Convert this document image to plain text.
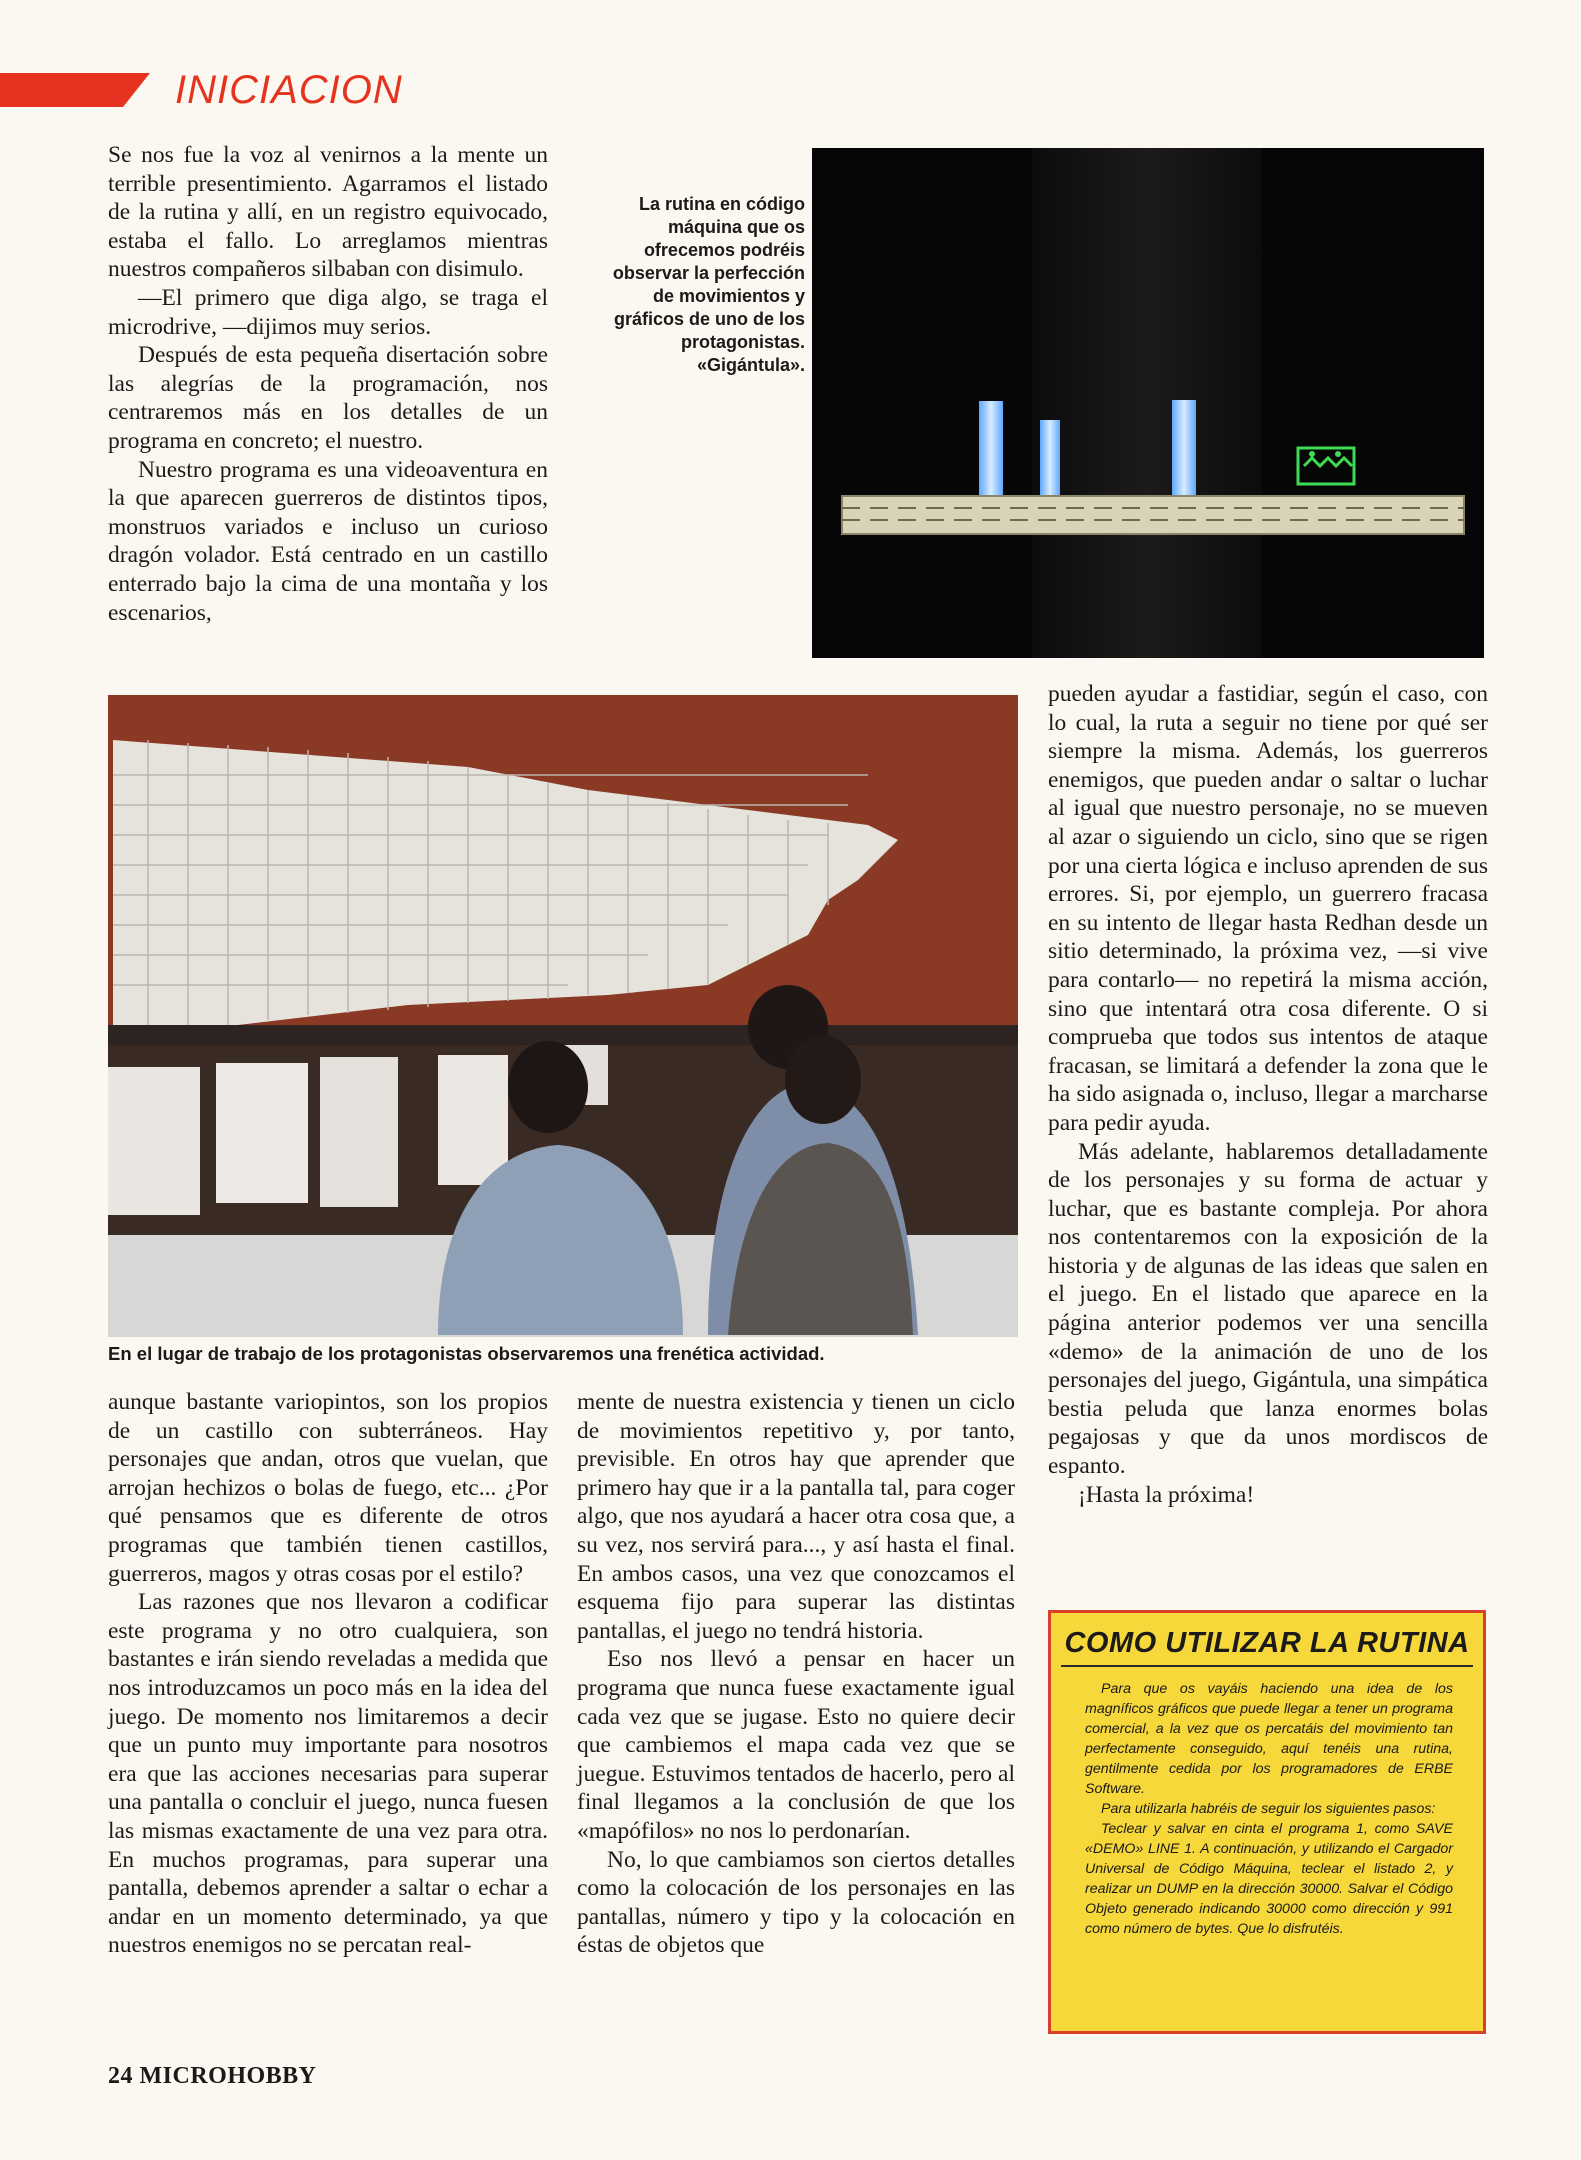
INICIACION

Se nos fue la voz al venirnos a la mente un terrible presentimiento. Agarramos el listado de la rutina y allí, en un registro equivocado, estaba el fallo. Lo arreglamos mientras nuestros compañeros silbaban con disimulo.

—El primero que diga algo, se traga el microdrive, —dijimos muy serios.

Después de esta pequeña disertación sobre las alegrías de la programación, nos centraremos más en los detalles de un programa en concreto; el nuestro.

Nuestro programa es una videoaventura en la que aparecen guerreros de distintos tipos, monstruos variados e incluso un curioso dragón volador. Está centrado en un castillo enterrado bajo la cima de una montaña y los escenarios,

La rutina en código máquina que os ofrecemos podréis observar la perfección de movimientos y gráficos de uno de los protagonistas. «Gigántula».
En el lugar de trabajo de los protagonistas observaremos una frenética actividad.

aunque bastante variopintos, son los propios de un castillo con subterráneos. Hay personajes que andan, otros que vuelan, que arrojan hechizos o bolas de fuego, etc... ¿Por qué pensamos que es diferente de otros programas que también tienen castillos, guerreros, magos y otras cosas por el estilo?

Las razones que nos llevaron a codificar este programa y no otro cualquiera, son bastantes e irán siendo reveladas a medida que nos introduzcamos un poco más en la idea del juego. De momento nos limitaremos a decir que un punto muy importante para nosotros era que las acciones necesarias para superar una pantalla o concluir el juego, nunca fuesen las mismas exactamente de una vez para otra. En muchos programas, para superar una pantalla, debemos aprender a saltar o echar a andar en un momento determinado, ya que nuestros enemigos no se percatan real-

mente de nuestra existencia y tienen un ciclo de movimientos repetitivo y, por tanto, previsible. En otros hay que aprender que primero hay que ir a la pantalla tal, para coger algo, que nos ayudará a hacer otra cosa que, a su vez, nos servirá para..., y así hasta el final. En ambos casos, una vez que conozcamos el esquema fijo para superar las distintas pantallas, el juego no tendrá historia.

Eso nos llevó a pensar en hacer un programa que nunca fuese exactamente igual cada vez que se jugase. Esto no quiere decir que cambiemos el mapa cada vez que se juegue. Estuvimos tentados de hacerlo, pero al final llegamos a la conclusión de que los «mapófilos» no nos lo perdonarían.

No, lo que cambiamos son ciertos detalles como la colocación de los personajes en las pantallas, número y tipo y la colocación en éstas de objetos que

pueden ayudar a fastidiar, según el caso, con lo cual, la ruta a seguir no tiene por qué ser siempre la misma. Además, los guerreros enemigos, que pueden andar o saltar o luchar al igual que nuestro personaje, no se mueven al azar o siguiendo un ciclo, sino que se rigen por una cierta lógica e incluso aprenden de sus errores. Si, por ejemplo, un guerrero fracasa en su intento de llegar hasta Redhan desde un sitio determinado, la próxima vez, —si vive para contarlo— no repetirá la misma acción, sino que intentará otra cosa diferente. O si comprueba que todos sus intentos de ataque fracasan, se limitará a defender la zona que le ha sido asignada o, incluso, llegar a marcharse para pedir ayuda.

Más adelante, hablaremos detalladamente de los personajes y su forma de actuar y luchar, que es bastante compleja. Por ahora nos contentaremos con la exposición de la historia y de algunas de las ideas que salen en el juego. En el listado que aparece en la página anterior podemos ver una sencilla «demo» de la animación de uno de los personajes del juego, Gigántula, una simpática bestia peluda que lanza enormes bolas pegajosas y que da unos mordiscos de espanto.

¡Hasta la próxima!

COMO UTILIZAR LA RUTINA

Para que os vayáis haciendo una idea de los magníficos gráficos que puede llegar a tener un programa comercial, a la vez que os percatáis del movimiento tan perfectamente conseguido, aquí tenéis una rutina, gentilmente cedida por los programadores de ERBE Software.

Para utilizarla habréis de seguir los siguientes pasos:

Teclear y salvar en cinta el programa 1, como SAVE «DEMO» LINE 1. A continuación, y utilizando el Cargador Universal de Código Máquina, teclear el listado 2, y realizar un DUMP en la dirección 30000. Salvar el Código Objeto generado indicando 30000 como dirección y 991 como número de bytes. Que lo disfrutéis.

24 MICROHOBBY
